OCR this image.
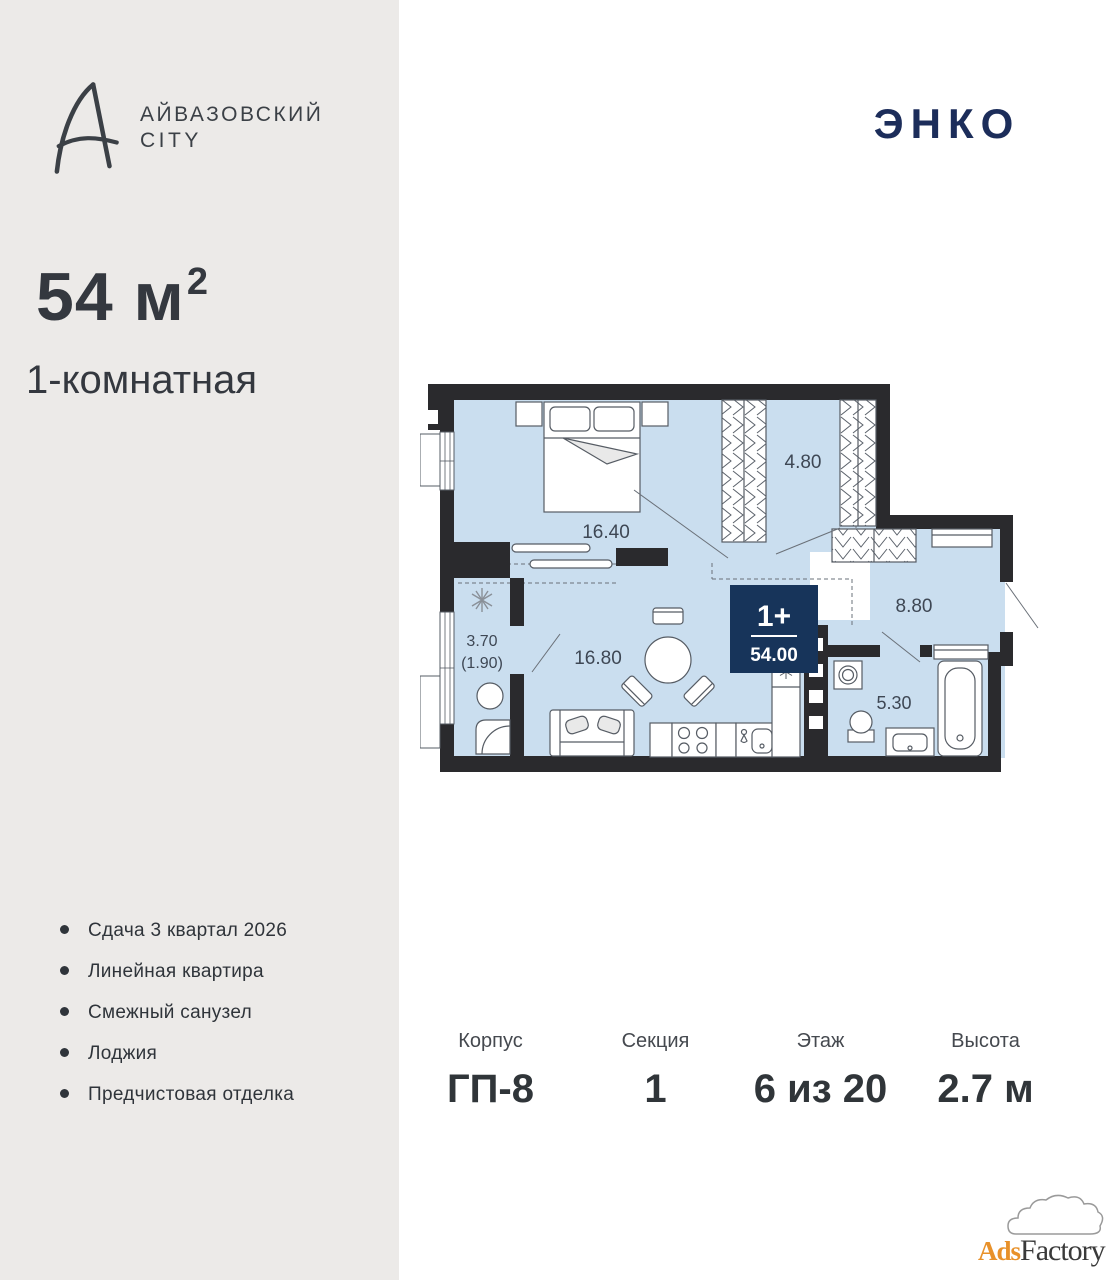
АЙВАЗОВСКИЙ
CITY
54 м2
1-комнатная
Сдача 3 квартал 2026
Линейная квартира
Смежный санузел
Лоджия
Предчистовая отделка
ЭНКО
16.40
4.80
8.80
16.80
5.30
3.70
(1.90)
1+
54.00
Корпус
ГП-8
Секция
1
Этаж
6 из 20
Высота
2.7 м
AdsFactory
